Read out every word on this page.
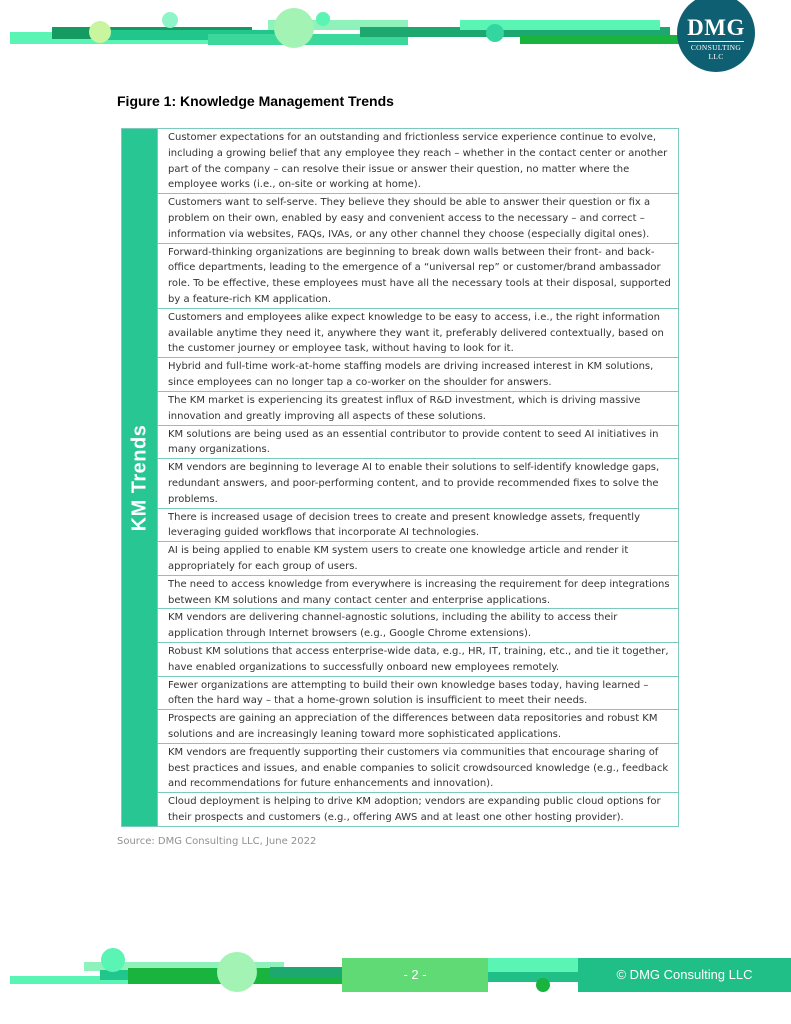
DMG
CONSULTING LLC
Figure 1: Knowledge Management Trends
KM Trends
	Customer expectations for an outstanding and frictionless service experience continue to evolve, including a growing belief that any employee they reach – whether in the contact center or another part of the company – can resolve their issue or answer their question, no matter where the employee works (i.e., on-site or working at home).
Customers want to self-serve. They believe they should be able to answer their question or fix a problem on their own, enabled by easy and convenient access to the necessary – and correct – information via websites, FAQs, IVAs, or any other channel they choose (especially digital ones).
Forward-thinking organizations are beginning to break down walls between their front- and back-office departments, leading to the emergence of a “universal rep” or customer/brand ambassador role. To be effective, these employees must have all the necessary tools at their disposal, supported by a feature-rich KM application.
Customers and employees alike expect knowledge to be easy to access, i.e., the right information available anytime they need it, anywhere they want it, preferably delivered contextually, based on the customer journey or employee task, without having to look for it.
Hybrid and full-time work-at-home staffing models are driving increased interest in KM solutions, since employees can no longer tap a co-worker on the shoulder for answers.
The KM market is experiencing its greatest influx of R&D investment, which is driving massive innovation and greatly improving all aspects of these solutions.
KM solutions are being used as an essential contributor to provide content to seed AI initiatives in many organizations.
KM vendors are beginning to leverage AI to enable their solutions to self-identify knowledge gaps, redundant answers, and poor-performing content, and to provide recommended fixes to solve the problems.
There is increased usage of decision trees to create and present knowledge assets, frequently leveraging guided workflows that incorporate AI technologies.
AI is being applied to enable KM system users to create one knowledge article and render it appropriately for each group of users.
The need to access knowledge from everywhere is increasing the requirement for deep integrations between KM solutions and many contact center and enterprise applications.
KM vendors are delivering channel-agnostic solutions, including the ability to access their application through Internet browsers (e.g., Google Chrome extensions).
Robust KM solutions that access enterprise-wide data, e.g., HR, IT, training, etc., and tie it together, have enabled organizations to successfully onboard new employees remotely.
Fewer organizations are attempting to build their own knowledge bases today, having learned – often the hard way – that a home-grown solution is insufficient to meet their needs.
Prospects are gaining an appreciation of the differences between data repositories and robust KM solutions and are increasingly leaning toward more sophisticated applications.
KM vendors are frequently supporting their customers via communities that encourage sharing of best practices and issues, and enable companies to solicit crowdsourced knowledge (e.g., feedback and recommendations for future enhancements and innovation).
Cloud deployment is helping to drive KM adoption; vendors are expanding public cloud options for their prospects and customers (e.g., offering AWS and at least one other hosting provider).
Source: DMG Consulting LLC, June 2022
- 2 -	© DMG Consulting LLC
